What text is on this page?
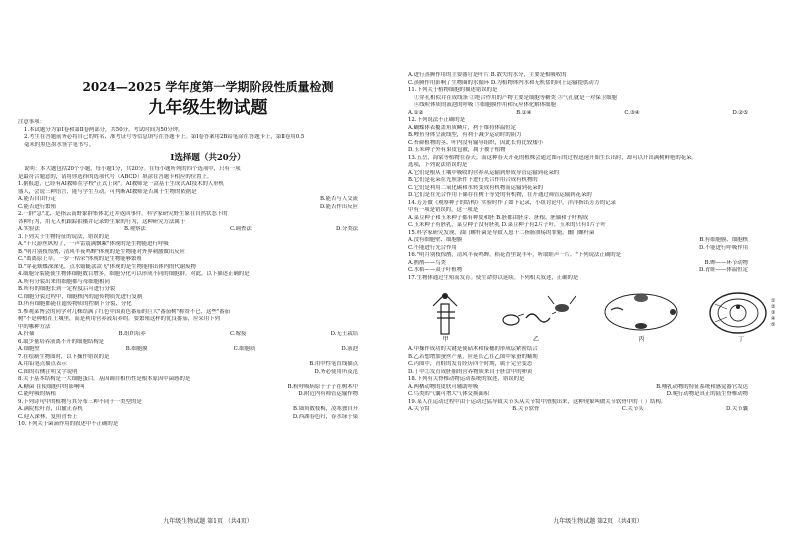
2024—2025 学年度第一学期阶段性质量检测
九年级生物试题
注意事项：
1.本试题分为第Ⅰ卷和第Ⅱ卷两部分，共50分。考试时间为50分钟。
2.考生在答题前务必将自己的姓名、准考证号等信息填写在答题卡上。第Ⅰ卷答案用2B铅笔涂在答题卡上，第Ⅱ卷用0.5
毫米的黑色墨水签字笔书写。
Ⅰ选择题（共20分）
说明：本大题包括20个小题，每小题1分，共20分。在每小题所列的四个选项中，只有一项
是最符合题意的，请将你选择的选项代号（ABCD）填涂在答题卡相应的位置上。
1.据报道，已经有AI教师在学校"正式上岗"。AI教师是一款基于生成式AI技术的人形机
器人，会说三种语言，能与学生互动。可判断AI教师是否属于生物的依据是
A.能否自由行走	B.能否与人交流
C.能否进行繁殖	D.能否作出反应
2.一群"急"北，是指云南野象群集体北迁并返回事件。科学家研究野生象在自然状态下的
各种行为，用无人机跟踪拍摄并记录野生象的行为，这种研究方法属于
A.实验法	B.观察法	C.调查法	D.分类法
3.下列关于生物特征的说法，错误的是
A."千尺游丝纵短了，一声雷震满飘絮"体现的是生物能进行呼吸
B."明月别枝惊鹊，清风半夜鸣蝉"体现的是生物能对外界刺激做出反应
C."离离原上草，一岁一枯荣"体现的是生物能够繁殖
D."穿花蛱蝶深深见，点水蜻蜓款款飞"体现的是生物能排出体内的代谢废物
4.细胞分裂能使生物体细胞数目增多，细胞分化可以形成不同的细胞群。对此，以下描述正确的是
A.所有分裂出来的细胞都与母细胞相同
B.所有的细胞长到一定程度后可进行分裂
C.细胞分裂过程中，细胞核内的遗传物质先进行复制
D.所有细胞都能在遗传物质的控制下分裂、分化
5.参观菜博会的同学对几株结满了红色中国黄色番茄的巨大"番茄树"称赞不已，这些"番茄
树"不是种植在土壤里，而是利用营养液培养的。要繁殖这样的优良番茄，应采用下列
中的哪种方法
A.扦插	B.组织培养	C.嫁接	D.无土栽培
6.取少量培养液离不开的细胞结构是
A.细胞壁	B.细胞膜	C.细胞质	D.液泡
7.在绘制生物图时，以下操作错误的是
A.用铅笔点描点表示	B.用中性笔直线描点
C.图的右侧注明文字说明	D.务必使用所及范
8.关于基本结构是一大细胞蛋白。基因调自相伤性是根本原因中菌感的是
A.糖菌 在使细胞中的影响叫	B.粉呼吸病原于子子在树木中
C.能呼吸的病植	D.附近内有师管运输作物
9.下列诗句中的植物与其分布三种不同于一类型的是
A.满院松叶青，山麓正春机	B.墙角数枝梅，凌寒独自开
C.迎入深林，复照青苔上	D.西湖春色归，春水绿于染
10.下列关于菌滴作用的叙述中不正确的是
九年级生物试题 第1页 （共4页）
A.进行蒸腾作用的主要器官是叶片 B.散失的水分，主要是根吸收的
C.蒸腾作用影响了生物圈的水循环 D.为植物体内水和无机盐的向上运输提供动力
11.下列关于植物细胞的描述错误的是
①穿孔相似并在成线条 ②绝合作用的产物主要是细胞等糖类 ③气孔就是一对保卫细胞
④线粒体质的液泡的呼吸 ⑤细胞膜作用和反应体化解体细胞
A.①②	B.①④	C.③④	D.②⑤
12.下列说法不正确的是
A.蝴蝶体表覆盖角质鳞片，利于维持体温恒定
B.鲤鱼身体呈流线型，有利于减少运动时的阻力
C.苔藓植物的茎、叶内没有输导组织，因此长得比较矮小
D.玉米种子外有果皮包被，属于被子植物
13.五岳，海棠等植物在春天。而这种春天开花的植株会通过图示的过程迅速开始生长出时，却可以开出满树鲜艳的花朵。
选项，下列说法错误的是
A.它们是根从土壤中吸收的营养从运输到形成导管运输到花朵的
B.它们是花朵在光照条件下进行光合作用合成有机物的
C.它们是利用二氧化碳和水转变成有机物而运输到花朵的
D.它们是在光合作用下储存在树干等处的有机物，在开通过筛管运输到花朵的
14.芳芳做《观察种子的结构》实验时作了如下记录，小组讨论中，洋洋指出芳芳的记录
中有一项是错误的，这一项是
A.菜豆种子和玉米种子都有种皮和胚 B.胚都由胚芽、胚根、胚轴和子叶构成
C.玉米种子有胚乳，菜豆种子没有胚乳 D.菜豆种子有2片子叶，玉米的只有1片子叶
15.科学家研究发现，油门螺杆菌是导致人患十二指肠溃疡的罪魁，幽门螺杆菌
A.没有细胞壁、细胞膜	B.有细胞膜、细胞核
C.不能进行光合作用	D.不能进行呼吸作用
16."明月别枝惊鹊，清风半夜鸣蝉，稻花香里说丰年，听取蛙声一片。"下列说法正确的是
A.鹊鹊——鸟类	B.蝉——环节动物
C.水稻——双子叶植物	D.青蛙——体温恒定
17.生物体通过生殖而发育。使生命得以延续。下列相关叙述，正确的是
甲	乙	丙
①
②
③
④
⑤
丁
A.甲操作成功的关键是使砧木和接穗的形成层紧密结合
B.乙若想增加蚕丝产量，应延长乙在乙图中家蚕的蛹期
C.丙图中，青蛙的发育经历四个时期，属于完全变态
D.丁中②发育成胚胎的营养物质来自于胚盘中的卵黄
18.下列有关脊椎动物运动系统的叙述，错误的是
A.两栖动物的皮肤可辅助呼吸	B.哺乳动物的特征系统和感觉器官发达
C.鸟类的气囊可增大气体交换面积	D.爬行动物是真正的陆生脊椎动物
19.某人在运动过程中由于运动过猛导致关节头从关节窝中滑脱出来，这种现象叫做关节软骨中的（ ）结构。
A.关节窝	B.关节软骨	C.关节头	D.关节囊
九年级生物试题 第2页 （共4页）
